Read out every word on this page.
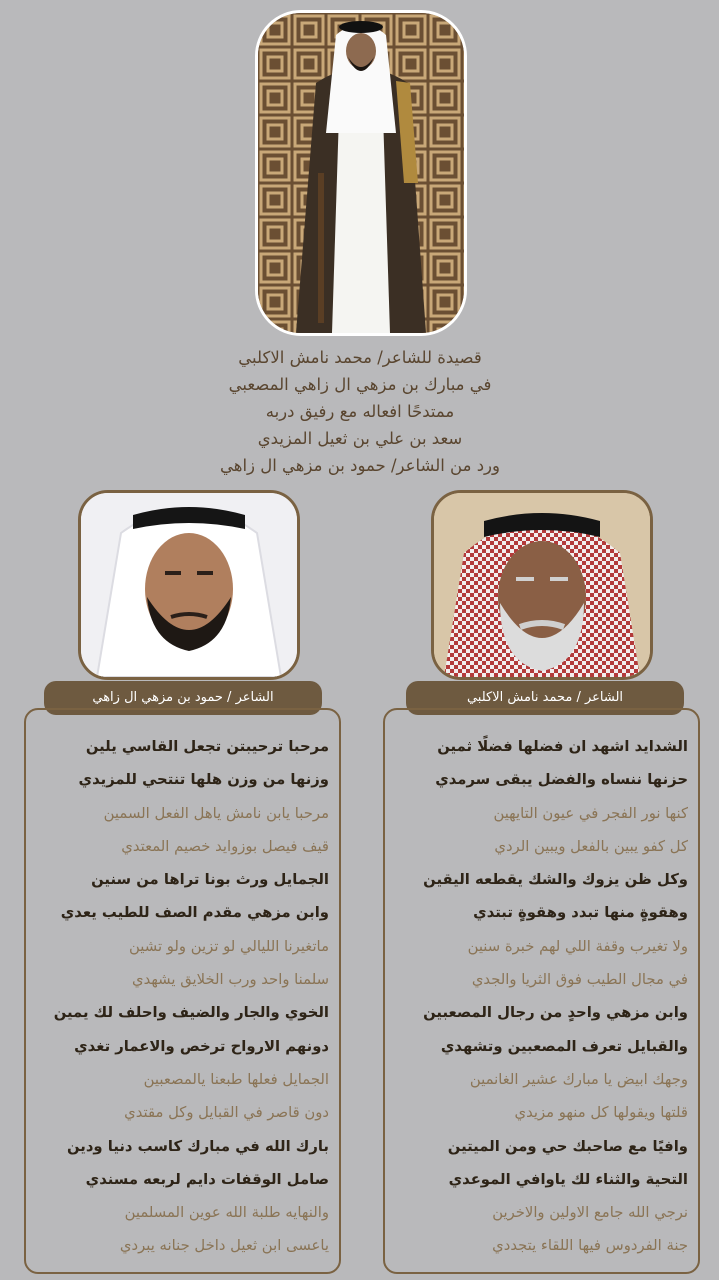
قصيدة للشاعر/ محمد نامش الاكلبي
في مبارك بن مزهي ال زاهي المصعبي
ممتدحًا افعاله مع رفيق دربه
سعد بن علي بن ثعيل المزيدي
ورد من الشاعر/ حمود بن مزهي ال زاهي
الشاعر / حمود بن مزهي ال زاهي	الشاعر / محمد نامش الاكلبي
مرحبا ترحيبتن تجعل القاسي يلين
وزنها من وزن هلها تنتحي للمزيدي
مرحبا يابن نامش ياهل الفعل السمين
قيف فيصل بوزوايد خصيم المعتدي
الجمايل ورث بونا تراها من سنين
وابن مزهي مقدم الصف للطيب يعدي
ماتغيرنا الليالي لو تزين ولو تشين
سلمنا واحد ورب الخلايق يشهدي
الخوي والجار والضيف واحلف لك يمين
دونهم الارواح ترخص والاعمار تغدي
الجمايل فعلها طبعنا يالمصعبين
دون قاصر في القبايل وكل مقتدي
بارك الله في مبارك كاسب دنيا ودين
صامل الوقفات دايم لربعه مسندي
والنهايه طلبة الله عوين المسلمين
ياعسى ابن ثعيل داخل جنانه يبردي
الشدايد اشهد ان فضلها فضلًا ثمين
حزنها ننساه والفضل يبقى سرمدي
كنها نور الفجر في عيون التايهين
كل كفو يبين بالفعل ويبين الردي
وكل ظن يزوك والشك يقطعه اليقين
وهقوةٍ منها تبدد وهقوةٍ تبتدي
ولا تغيرب وقفة اللي لهم خبرة سنين
في مجال الطيب فوق الثريا والجدي
وابن مزهي واحدٍ من رجال المصعبين
والقبايل تعرف المصعبين وتشهدي
وجهك ابيض يا مبارك عشير الغانمين
قلتها ويقولها كل منهو مزيدي
وافيًا مع صاحبك حي ومن الميتين
التحية والثناء لك ياوافي الموعدي
نرجي الله جامع الاولين والاخرين
جنة الفردوس فيها اللقاء يتجددي
